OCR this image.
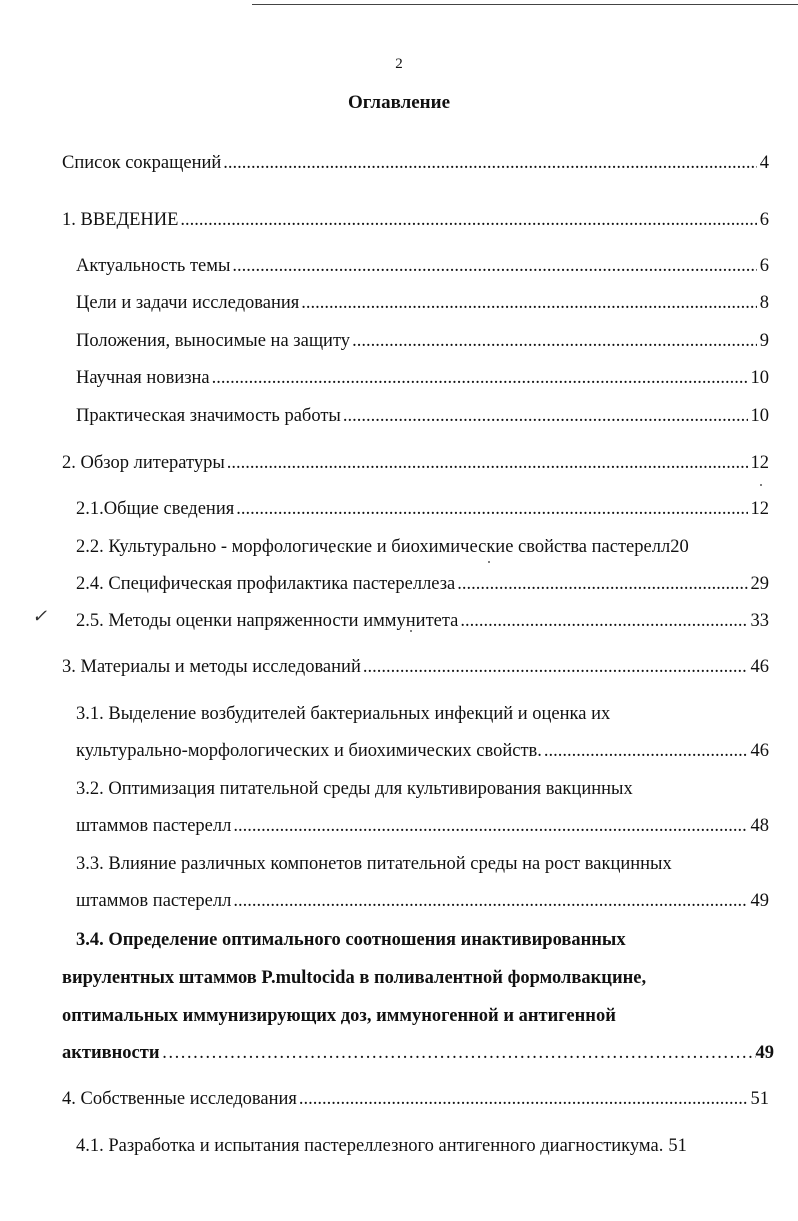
2
Оглавление
✓
Список сокращений .....	4
1. ВВЕДЕНИЕ .....	6
Актуальность темы .....	6
Цели и задачи исследования .....	8
Положения, выносимые на защиту .....	9
Научная новизна .....	10
Практическая значимость работы .....	10
2. Обзор литературы .....	12
2.1.Общие сведения .....	12
2.2. Культурально - морфологические и биохимические свойства пастерелл20
2.4. Специфическая профилактика пастереллеза .....	29
2.5. Методы оценки напряженности иммунитета .....	33
3. Материалы и методы исследований .....	46
3.1. Выделение возбудителей бактериальных инфекций и оценка их
культурально-морфологических и биохимических свойств. .....	46
3.2. Оптимизация питательной среды для культивирования вакцинных
штаммов пастерелл .....	48
3.3. Влияние различных компонетов питательной среды на рост вакцинных
штаммов пастерелл .....	49
3.4. Определение оптимального соотношения инактивированных
вирулентных штаммов P.multocida в поливалентной формолвакцине,
оптимальных иммунизирующих доз, иммуногенной и антигенной
активности ……………………………………………………………………………………………………………………………………………………………………………………………………………………	49
4. Собственные исследования .....	51
4.1. Разработка и испытания пастереллезного антигенного диагностикума. 51
